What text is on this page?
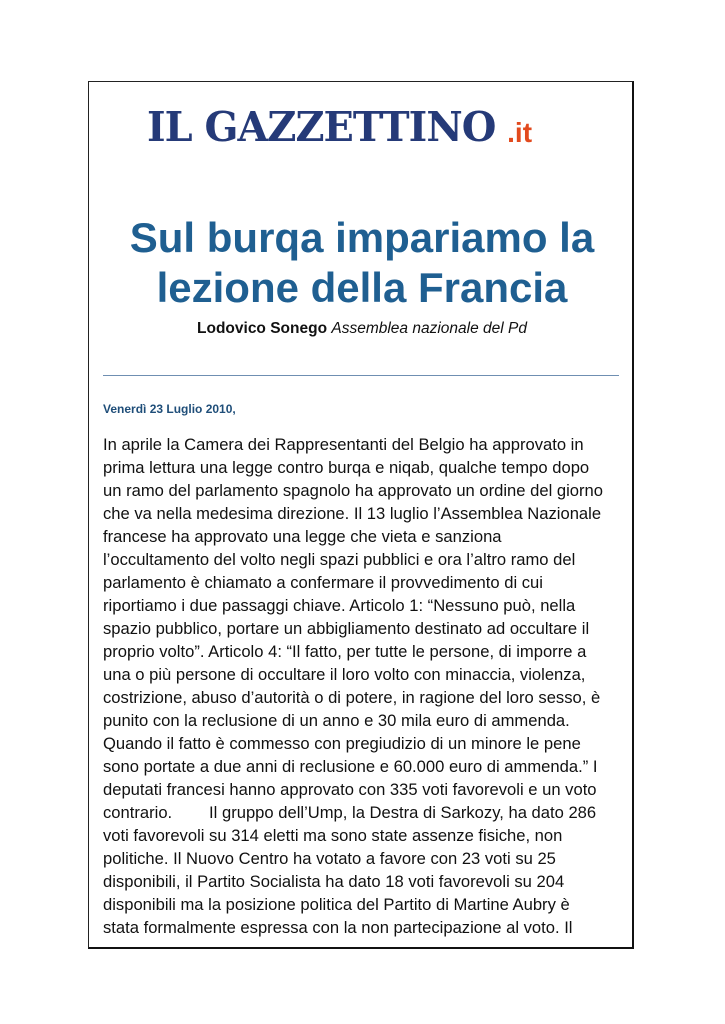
IL GAZZETTINO .it
Sul burqa impariamo la
lezione della Francia
Lodovico Sonego Assemblea nazionale del Pd
Venerdì 23 Luglio 2010,
In aprile la Camera dei Rappresentanti del Belgio ha approvato in
prima lettura una legge contro burqa e niqab, qualche tempo dopo
un ramo del parlamento spagnolo ha approvato un ordine del giorno
che va nella medesima direzione. Il 13 luglio l’Assemblea Nazionale
francese ha approvato una legge che vieta e sanziona
l’occultamento del volto negli spazi pubblici e ora l’altro ramo del
parlamento è chiamato a confermare il provvedimento di cui
riportiamo i due passaggi chiave. Articolo 1: “Nessuno può, nella
spazio pubblico, portare un abbigliamento destinato ad occultare il
proprio volto”. Articolo 4: “Il fatto, per tutte le persone, di imporre a
una o più persone di occultare il loro volto con minaccia, violenza,
costrizione, abuso d’autorità o di potere, in ragione del loro sesso, è
punito con la reclusione di un anno e 30 mila euro di ammenda.
Quando il fatto è commesso con pregiudizio di un minore le pene
sono portate a due anni di reclusione e 60.000 euro di ammenda.” I
deputati francesi hanno approvato con 335 voti favorevoli e un voto
contrario.        Il gruppo dell’Ump, la Destra di Sarkozy, ha dato 286
voti favorevoli su 314 eletti ma sono state assenze fisiche, non
politiche. Il Nuovo Centro ha votato a favore con 23 voti su 25
disponibili, il Partito Socialista ha dato 18 voti favorevoli su 204
disponibili ma la posizione politica del Partito di Martine Aubry è
stata formalmente espressa con la non partecipazione al voto. Il
